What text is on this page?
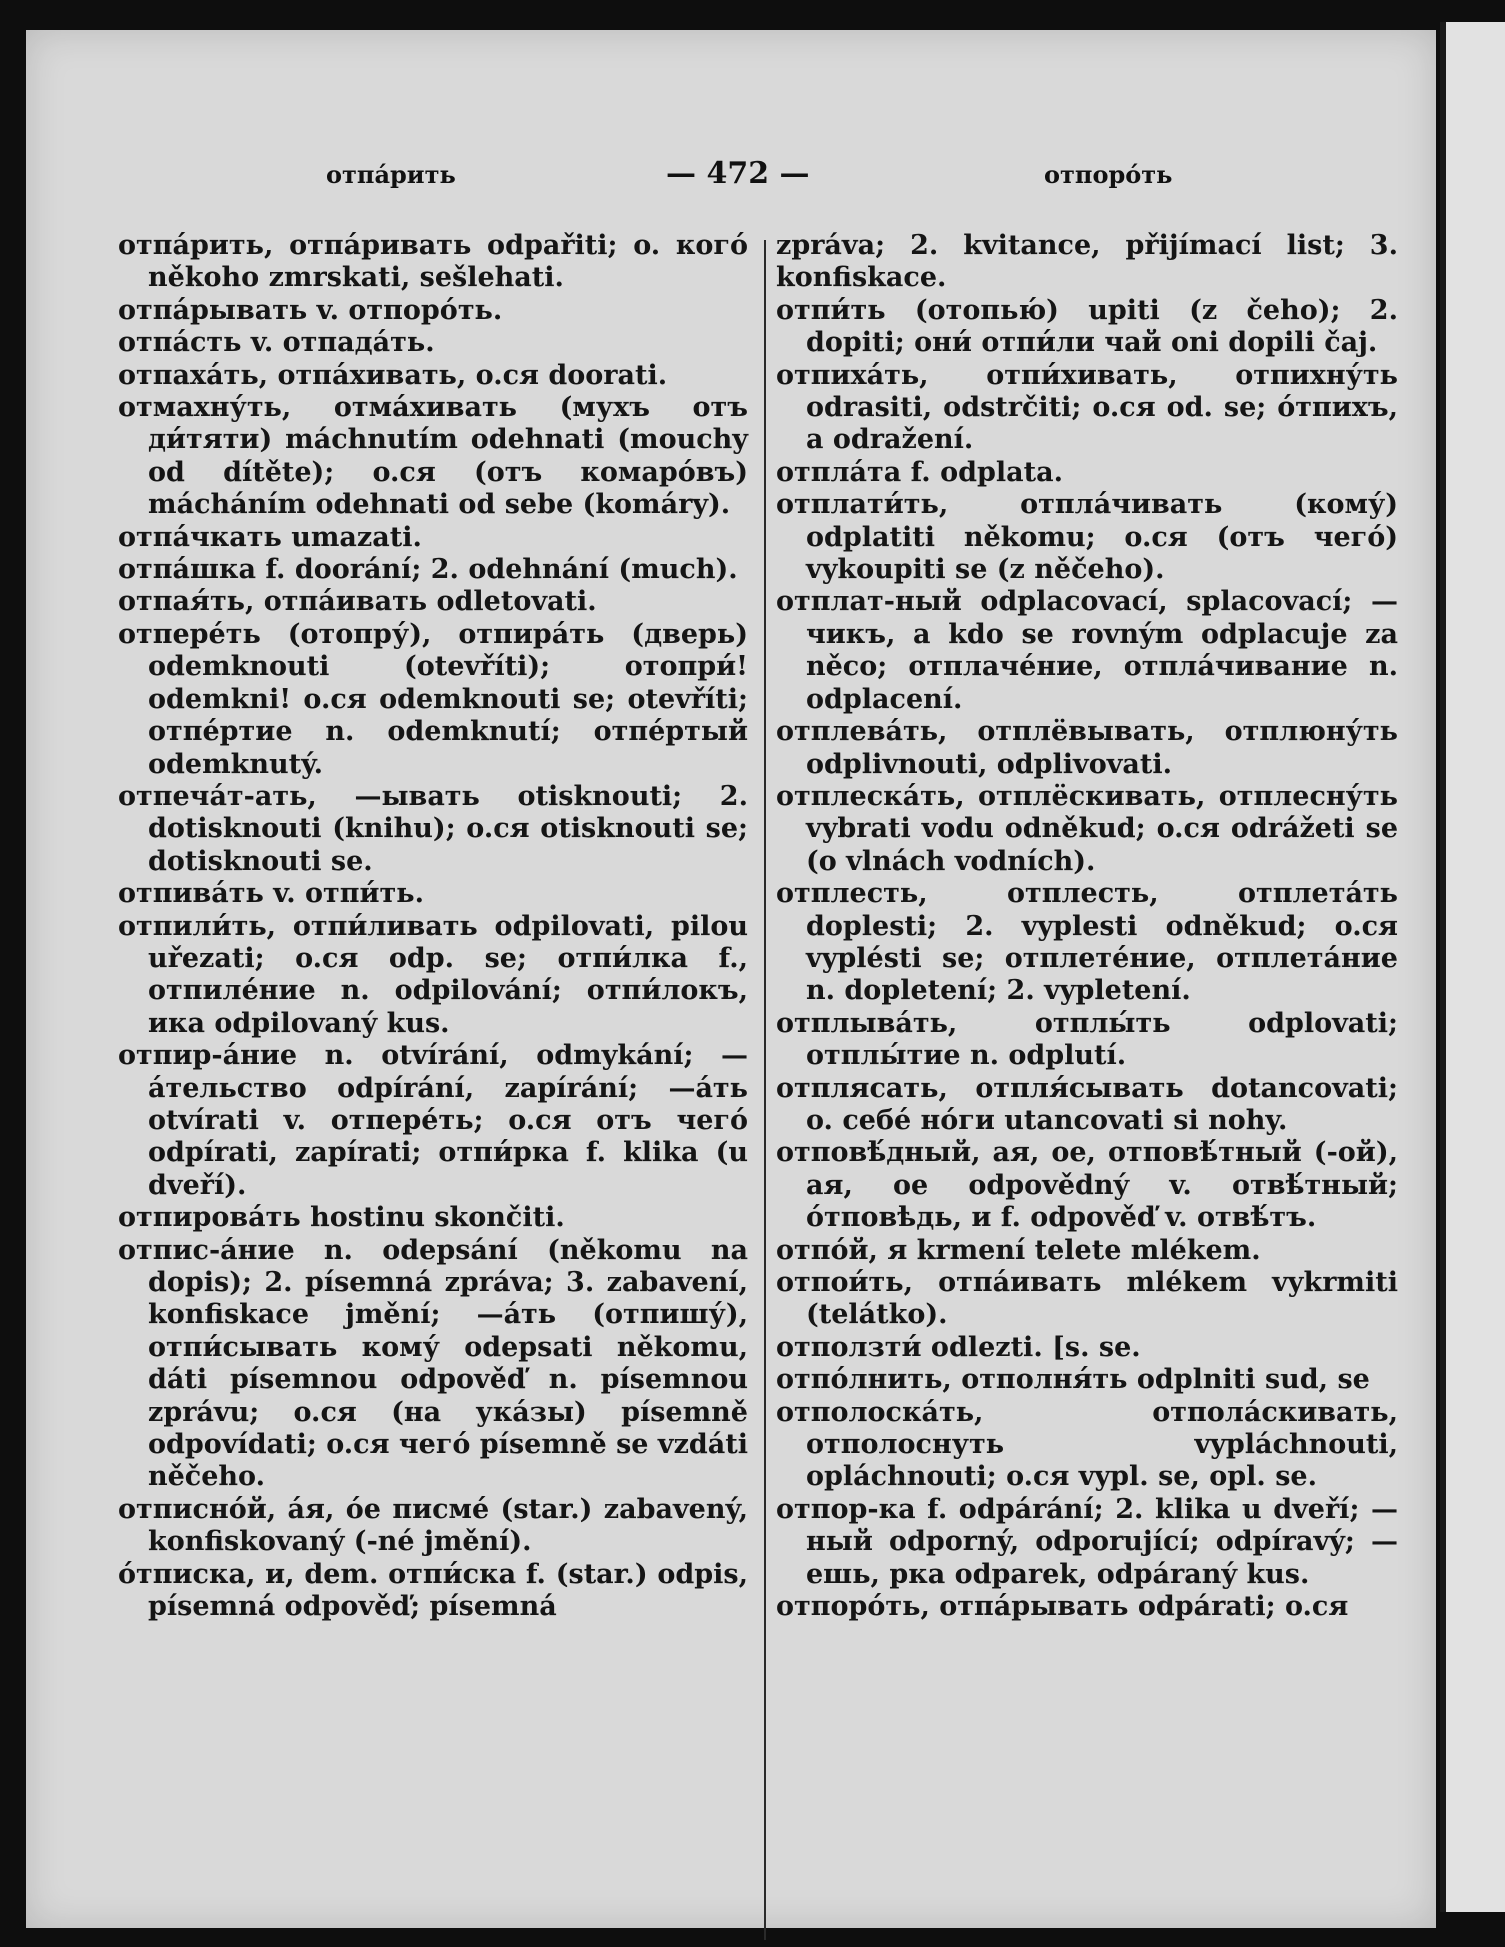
отпа́рить	— 472 —	отпоро́ть

отпа́рить, отпа́ривать odpařiti; o. кого́ někoho zmrskati, sešlehati.

отпа́рывать v. отпоро́ть.

отпа́сть v. отпада́ть.

отпаха́ть, отпа́хивать, o.ся doorati.

отмахну́ть, отма́хивать (мухъ отъ ди́тяти) máchnutím odehnati (mouchy od dítěte); o.ся (отъ комаро́въ) mácháním odehnati od sebe (komáry).

отпа́чкать umazati.

отпа́шка f. doorání; 2. odehnání (much).

отпая́ть, отпа́ивать odletovati.

отпере́ть (отопру́), отпира́ть (дверь) odemknouti (otevříti); отопри́! odemkni! o.ся odemknouti se; otevříti; отпе́ртие n. odemknutí; отпе́ртый odemknutý.

отпеча́т-ать, —ывать otisknouti; 2. dotisknouti (knihu); o.ся otisknouti se; dotisknouti se.

отпива́ть v. отпи́ть.

отпили́ть, отпи́ливать odpilovati, pilou uřezati; o.ся odp. se; отпи́лка f., отпиле́ние n. odpilování; отпи́локъ, ика odpilovaný kus.

отпир-а́ние n. otvírání, odmykání; —а́тельство odpírání, zapírání; —а́ть otvírati v. отпере́ть; o.ся отъ чего́ odpírati, zapírati; отпи́рка f. klika (u dveří).

отпирова́ть hostinu skončiti.

отпис-а́ние n. odepsání (někomu na dopis); 2. písemná zpráva; 3. zabavení, konfiskace jmění; —а́ть (отпишу́), отпи́сывать кому́ odepsati někomu, dáti písemnou odpověď n. písemnou zprávu; o.ся (на ука́зы) písemně odpovídati; o.ся чего́ písemně se vzdáti něčeho.

отписно́й, а́я, о́е писме́ (star.) zabavený, konfiskovaný (-né jmění).

о́тписка, и, dem. отпи́ска f. (star.) odpis, písemná odpověď; písemná

zpráva; 2. kvitance, přijímací list; 3. konfiskace.

отпи́ть (отопью́) upiti (z čeho); 2. dopiti; они́ отпи́ли чай oni dopili čaj.

отпиха́ть, отпи́хивать, отпихну́ть odrasiti, odstrčiti; o.ся od. se; о́тпихъ, a odražení.

отпла́та f. odplata.

отплати́ть, отпла́чивать (кому́) odplatiti někomu; o.ся (отъ чего́) vykoupiti se (z něčeho).

отплат-ный odplacovací, splacovací; —чикъ, a kdo se rovným odplacuje za něco; отплаче́ние, отпла́чивание n. odplacení.

отплева́ть, отплёвывать, отплюну́ть odplivnouti, odplivovati.

отплеска́ть, отплёскивать, отплесну́ть vybrati vodu odněkud; o.ся odrážeti se (o vlnách vodních).

отплесть, отплесть, отплета́ть doplesti; 2. vyplesti odněkud; o.ся vyplésti se; отплете́ние, отплета́ние n. dopletení; 2. vypletení.

отплыва́ть, отплы́ть odplovati; отплы́тие n. odplutí.

отплясать, отпля́сывать dotancovati; o. себе́ но́ги utancovati si nohy.

отповѣ́дный, ая, ое, отповѣ́тный (-ой), ая, ое odpovědný v. отвѣ́тный; о́тповѣдь, и f. odpověď v. отвѣ́тъ.

отпо́й, я krmení telete mlékem.

отпои́ть, отпа́ивать mlékem vykrmiti (telátko).

отползти́ odlezti. [s. se.

отпо́лнить, отполня́ть odplniti sud, se

отполоска́ть, отпола́скивать, отполоснуть vypláchnouti, opláchnouti; o.ся vypl. se, opl. se.

отпор-ка f. odpárání; 2. klika u dveří; —ный odporný, odporující; odpíravý; —ешь, рка odparek, odpáraný kus.

отпоро́ть, отпа́рывать odpárati; o.ся
